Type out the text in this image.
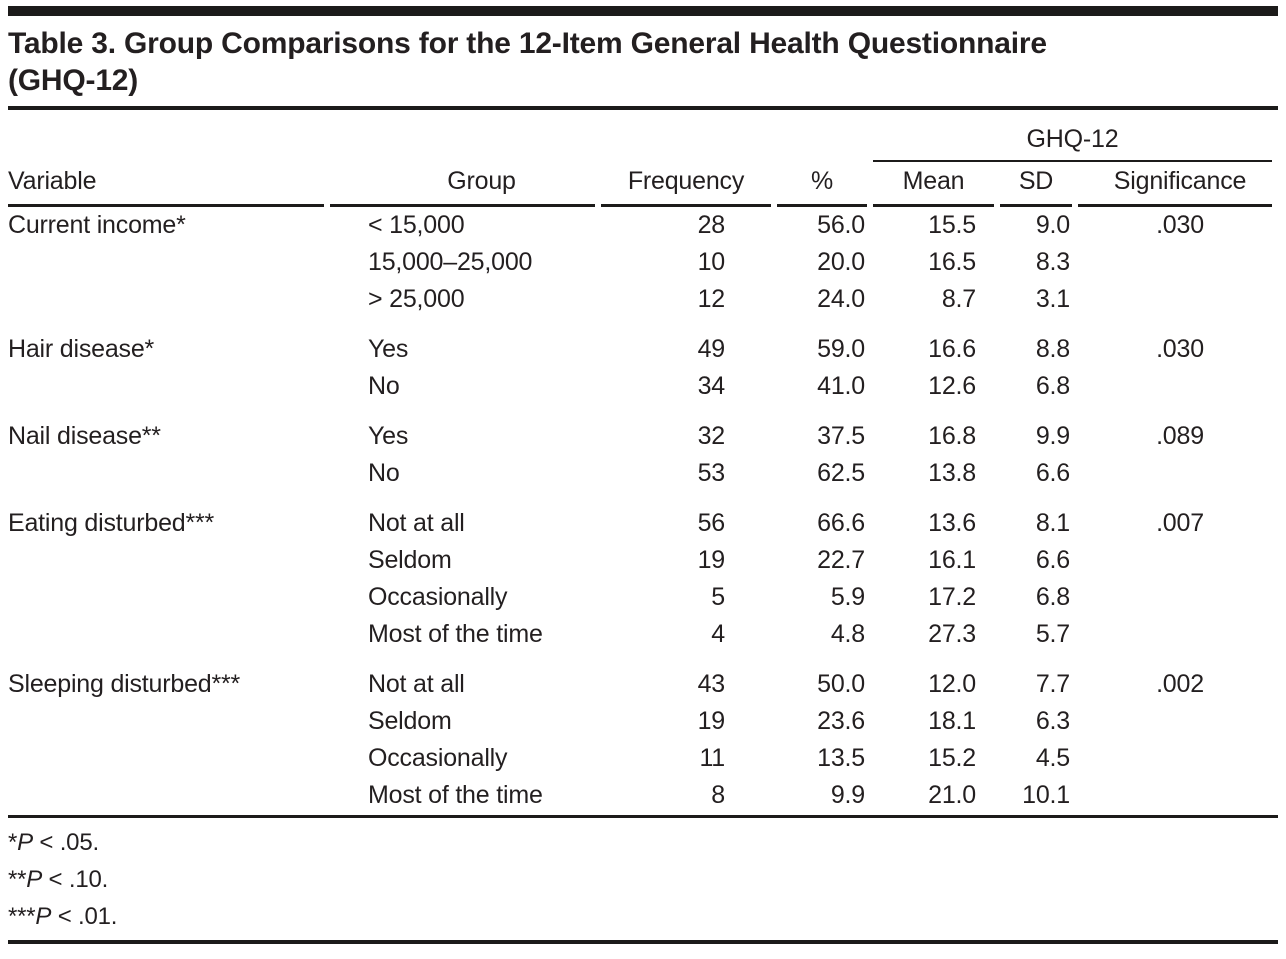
Table 3. Group Comparisons for the 12-Item General Health Questionnaire
(GHQ-12)
				GHQ-12		
Variable	Group	Frequency	%	Mean	SD	Significance
Current income*	< 15,000	28	56.0	15.5	9.0	.030
	15,000–25,000	10	20.0	16.5	8.3	
	> 25,000	12	24.0	8.7	3.1	
Hair disease*	Yes	49	59.0	16.6	8.8	.030
	No	34	41.0	12.6	6.8	
Nail disease**	Yes	32	37.5	16.8	9.9	.089
	No	53	62.5	13.8	6.6	
Eating disturbed***	Not at all	56	66.6	13.6	8.1	.007
	Seldom	19	22.7	16.1	6.6	
	Occasionally	5	5.9	17.2	6.8	
	Most of the time	4	4.8	27.3	5.7	
Sleeping disturbed***	Not at all	43	50.0	12.0	7.7	.002
	Seldom	19	23.6	18.1	6.3	
	Occasionally	11	13.5	15.2	4.5	
	Most of the time	8	9.9	21.0	10.1	
*P < .05.
**P < .10.
***P < .01.
